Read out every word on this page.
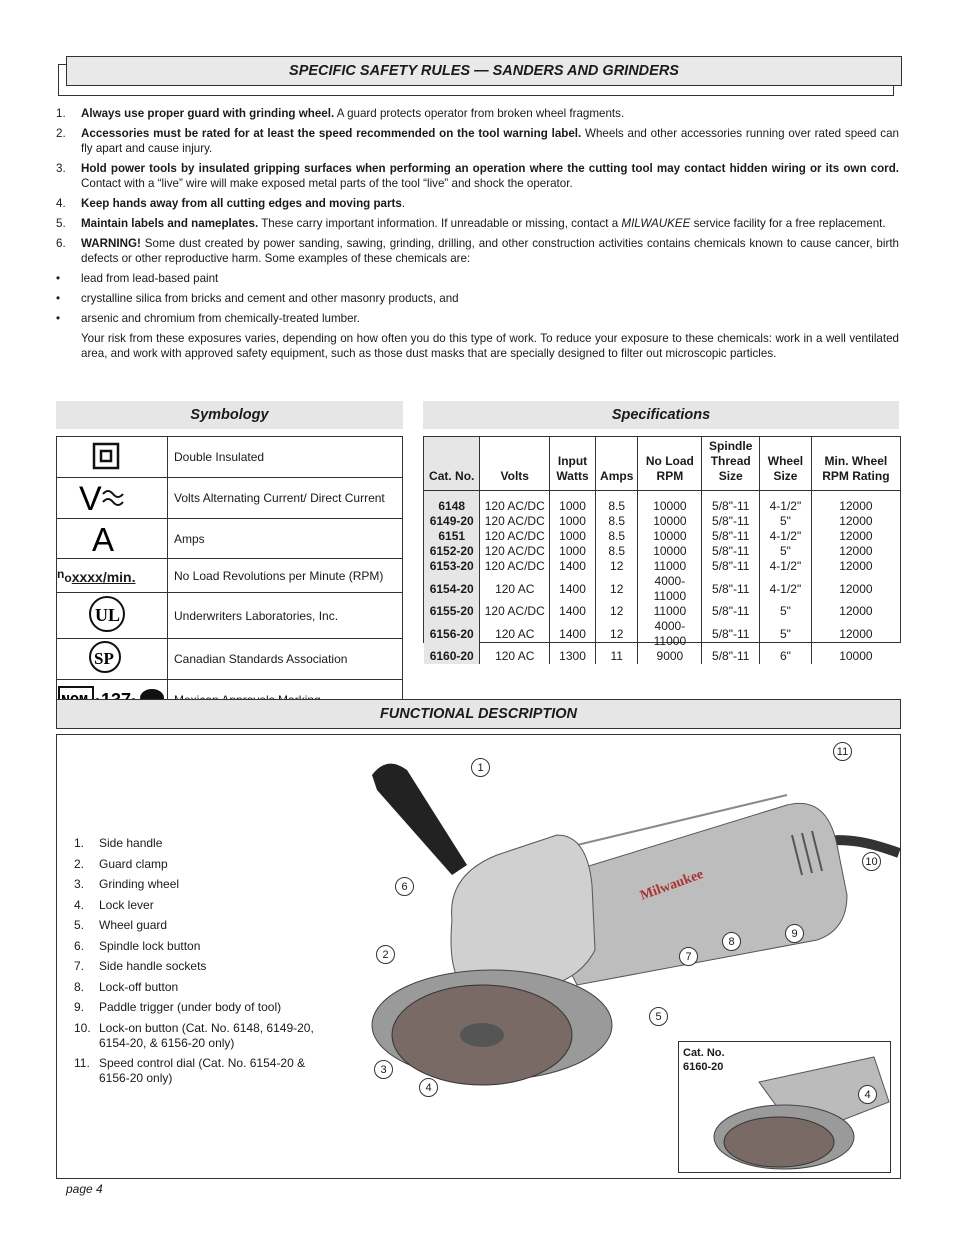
SPECIFIC SAFETY RULES — SANDERS AND GRINDERS
1.	Always use proper guard with grinding wheel. A guard protects operator from broken wheel fragments.
2.	Accessories must be rated for at least the speed recommended on the tool warning label. Wheels and other accessories running over rated speed can fly apart and cause injury.
3.	Hold power tools by insulated gripping surfaces when performing an operation where the cutting tool may contact hidden wiring or its own cord. Contact with a “live” wire will make exposed metal parts of the tool “live” and shock the operator.
4.	Keep hands away from all cutting edges and moving parts.
5.	Maintain labels and nameplates. These carry important information. If unreadable or missing, contact a MILWAUKEE service facility for a free replacement.
6.	WARNING! Some dust created by power sanding, sawing, grinding, drilling, and other construction activities contains chemicals known to cause cancer, birth defects or other reproductive harm. Some examples of these chemicals are:
•	lead from lead-based paint
•	crystalline silica from bricks and cement and other masonry products, and
•	arsenic and chromium from chemically-treated lumber.
Your risk from these exposures varies, depending on how often you do this type of work. To reduce your exposure to these chemicals: work in a well ventilated area, and work with approved safety equipment, such as those dust masks that are specially designed to filter out microscopic particles.
Symbology
	Double Insulated

V	Volts Alternating Current/ Direct Current

A	Amps
noxxxx/min.	No Load Revolutions per Minute (RPM)

UL	Underwriters Laboratories, Inc.

SP	Canadian Standards Association

Specifications
Cat. No.	Volts	Input Watts	Amps	No Load RPM	Spindle Thread Size	Wheel Size	Min. Wheel RPM Rating
6148	120 AC/DC	1000	8.5	10000	5/8"-11	4-1/2"	12000
6149-20	120 AC/DC	1000	8.5	10000	5/8"-11	5"	12000
6151	120 AC/DC	1000	8.5	10000	5/8"-11	4-1/2"	12000
6152-20	120 AC/DC	1000	8.5	10000	5/8"-11	5"	12000
6153-20	120 AC/DC	1400	12	11000	5/8"-11	4-1/2"	12000
6154-20	120 AC	1400	12	4000-11000	5/8"-11	4-1/2"	12000
6155-20	120 AC/DC	1400	12	11000	5/8"-11	5"	12000
6156-20	120 AC	1400	12	4000-11000	5/8"-11	5"	12000
6160-20	120 AC	1300	11	9000	5/8"-11	6"	10000
FUNCTIONAL DESCRIPTION
Milwaukee
Cat. No. 6160-20
1.	Side handle
2.	Guard clamp
3.	Grinding wheel
4.	Lock lever
5.	Wheel guard
6.	Spindle lock button
7.	Side handle sockets
8.	Lock-off button
9.	Paddle trigger (under body of tool)
10. Lock-on button (Cat. No. 6148, 6149-20, 6154-20, & 6156-20 only)
11. Speed control dial (Cat. No. 6154-20 & 6156-20 only)
1
2
3
4
5
6
7
8
9
10
11
4
page 4
